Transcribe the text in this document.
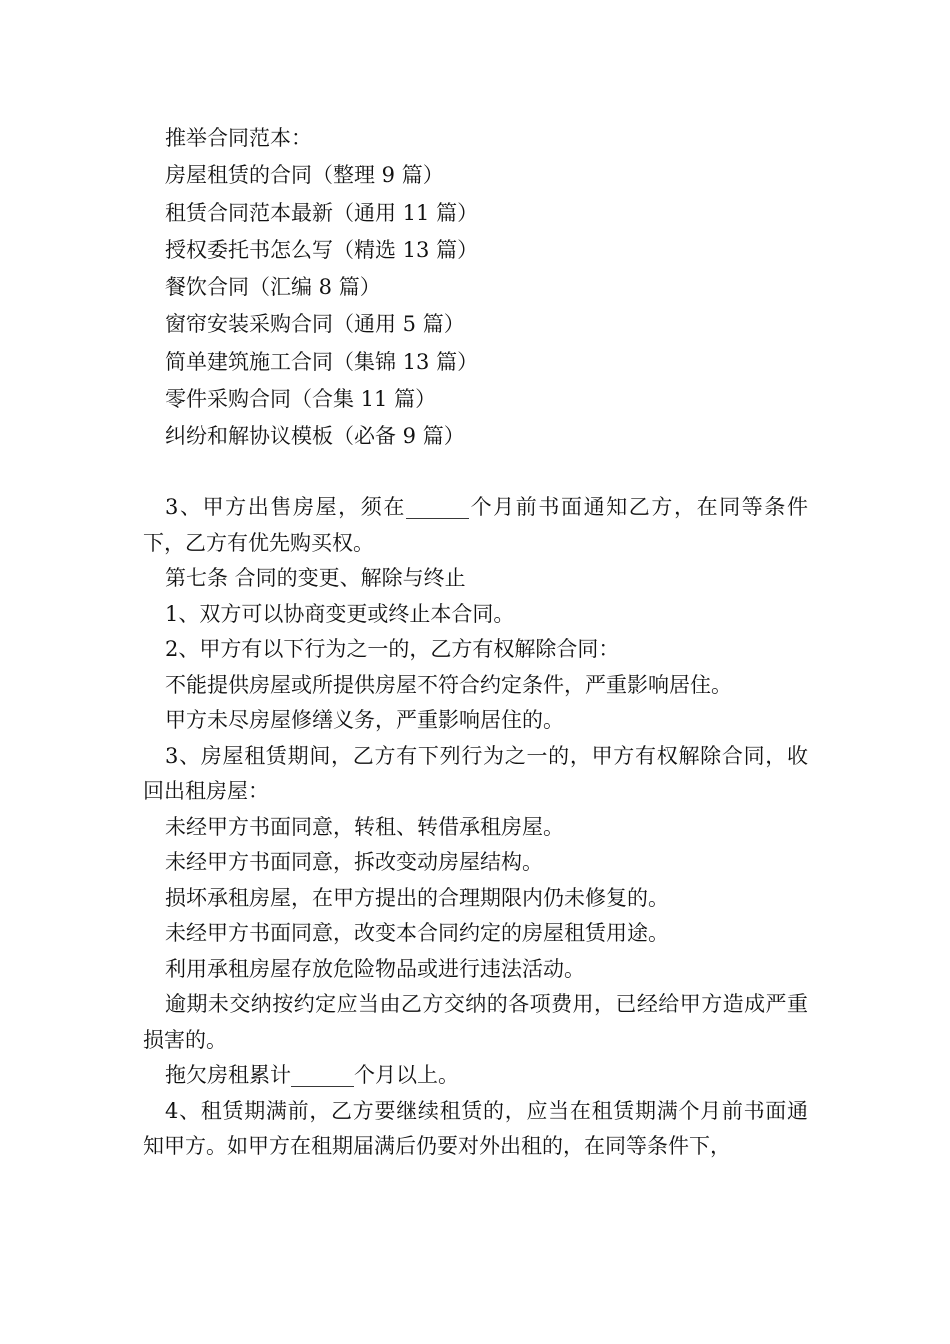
推举合同范本：
房屋租赁的合同（整理 9 篇）
租赁合同范本最新（通用 11 篇）
授权委托书怎么写（精选 13 篇）
餐饮合同（汇编 8 篇）
窗帘安装采购合同（通用 5 篇）
简单建筑施工合同（集锦 13 篇）
零件采购合同（合集 11 篇）
纠纷和解协议模板（必备 9 篇）

3、甲方出售房屋，须在______个月前书面通知乙方，在同等条件下，乙方有优先购买权。

第七条 合同的变更、解除与终止

1、双方可以协商变更或终止本合同。

2、甲方有以下行为之一的，乙方有权解除合同：

不能提供房屋或所提供房屋不符合约定条件，严重影响居住。

甲方未尽房屋修缮义务，严重影响居住的。

3、房屋租赁期间，乙方有下列行为之一的，甲方有权解除合同，收回出租房屋：

未经甲方书面同意，转租、转借承租房屋。

未经甲方书面同意，拆改变动房屋结构。

损坏承租房屋，在甲方提出的合理期限内仍未修复的。

未经甲方书面同意，改变本合同约定的房屋租赁用途。

利用承租房屋存放危险物品或进行违法活动。

逾期未交纳按约定应当由乙方交纳的各项费用，已经给甲方造成严重损害的。

拖欠房租累计______个月以上。

4、租赁期满前，乙方要继续租赁的，应当在租赁期满个月前书面通知甲方。如甲方在租期届满后仍要对外出租的，在同等条件下，
